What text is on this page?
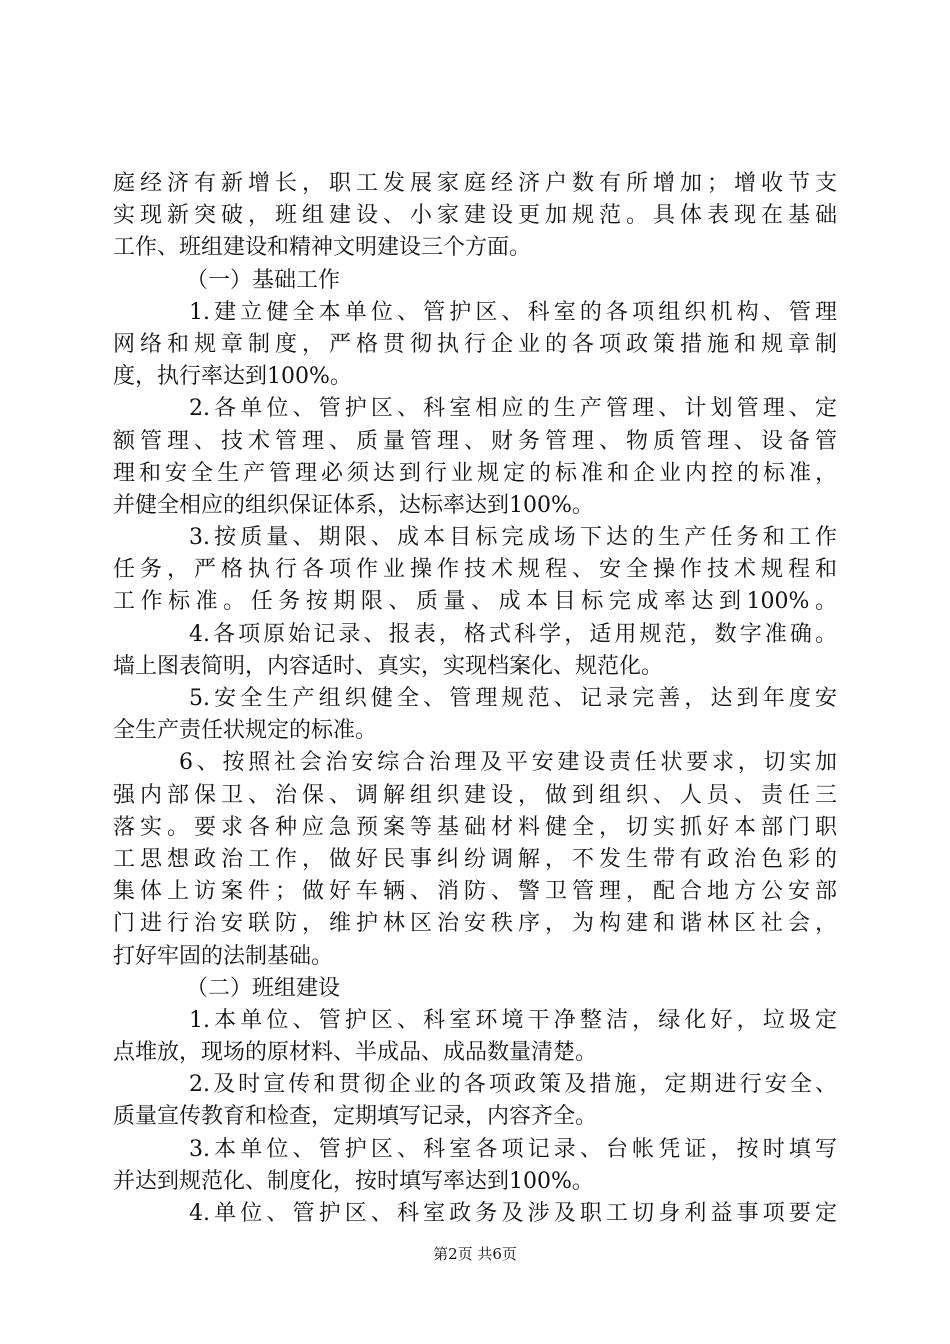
庭经济有新增长，职工发展家庭经济户数有所增加；增收节支
实现新突破，班组建设、小家建设更加规范。具体表现在基础
工作、班组建设和精神文明建设三个方面。
（一）基础工作
1.建立健全本单位、管护区、科室的各项组织机构、管理
网络和规章制度，严格贯彻执行企业的各项政策措施和规章制
度，执行率达到100%。
2.各单位、管护区、科室相应的生产管理、计划管理、定
额管理、技术管理、质量管理、财务管理、物质管理、设备管
理和安全生产管理必须达到行业规定的标准和企业内控的标准，
并健全相应的组织保证体系，达标率达到100%。
3.按质量、期限、成本目标完成场下达的生产任务和工作
任务，严格执行各项作业操作技术规程、安全操作技术规程和
工作标准。任务按期限、质量、成本目标完成率达到100%。
4.各项原始记录、报表，格式科学，适用规范，数字准确。
墙上图表简明，内容适时、真实，实现档案化、规范化。
5.安全生产组织健全、管理规范、记录完善，达到年度安
全生产责任状规定的标准。
6、按照社会治安综合治理及平安建设责任状要求，切实加
强内部保卫、治保、调解组织建设，做到组织、人员、责任三
落实。要求各种应急预案等基础材料健全，切实抓好本部门职
工思想政治工作，做好民事纠纷调解，不发生带有政治色彩的
集体上访案件；做好车辆、消防、警卫管理，配合地方公安部
门进行治安联防，维护林区治安秩序，为构建和谐林区社会，
打好牢固的法制基础。
（二）班组建设
1.本单位、管护区、科室环境干净整洁，绿化好，垃圾定
点堆放，现场的原材料、半成品、成品数量清楚。
2.及时宣传和贯彻企业的各项政策及措施，定期进行安全、
质量宣传教育和检查，定期填写记录，内容齐全。
3.本单位、管护区、科室各项记录、台帐凭证，按时填写
并达到规范化、制度化，按时填写率达到100%。
4.单位、管护区、科室政务及涉及职工切身利益事项要定
第2页 共6页
